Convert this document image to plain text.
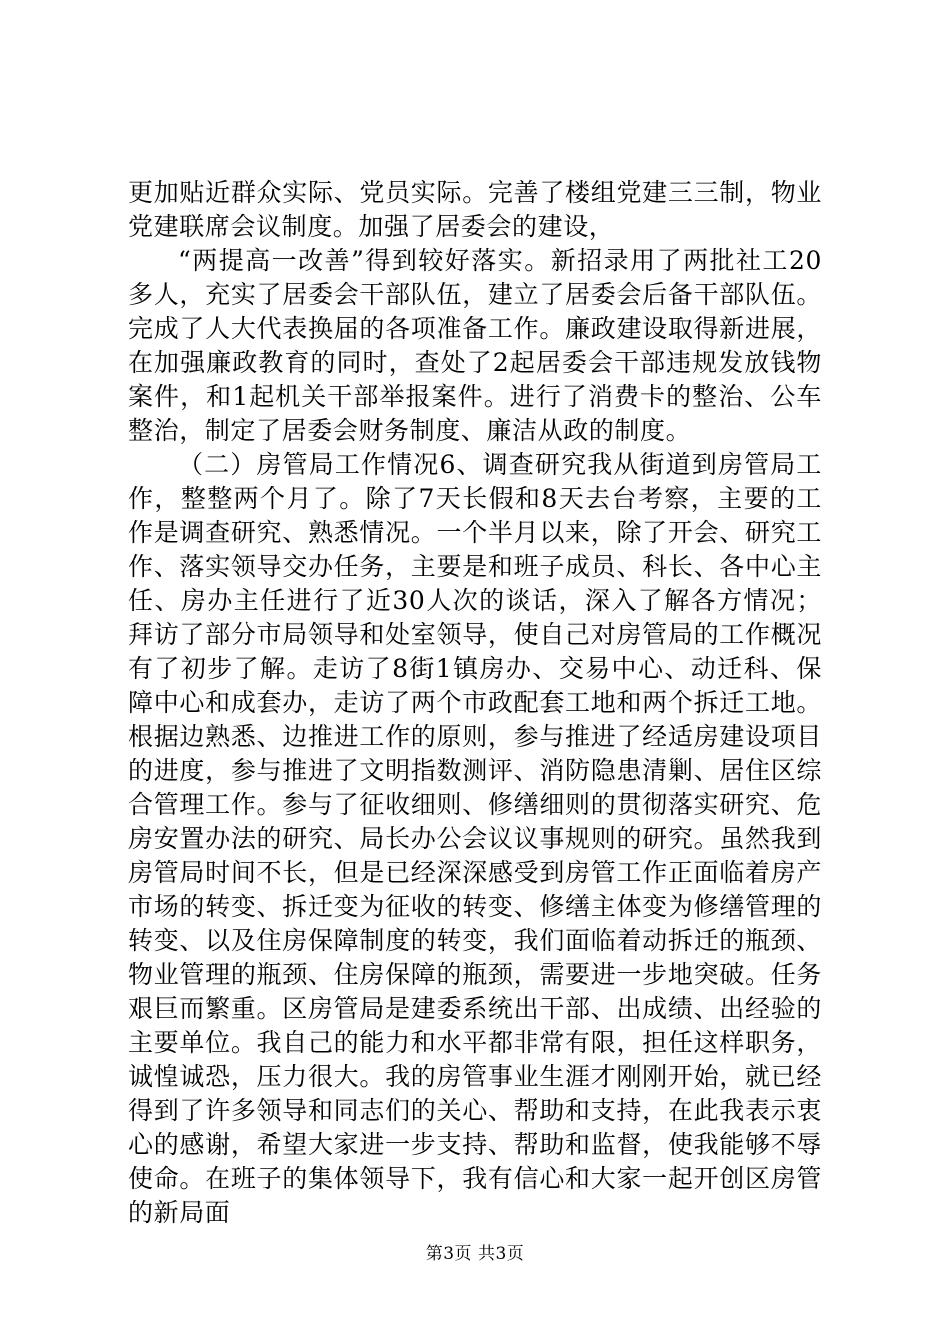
更加贴近群众实际、党员实际。完善了楼组党建三三制，物业党建联席会议制度。加强了居委会的建设，

“两提高一改善”得到较好落实。新招录用了两批社工20多人，充实了居委会干部队伍，建立了居委会后备干部队伍。完成了人大代表换届的各项准备工作。廉政建设取得新进展，在加强廉政教育的同时，查处了2起居委会干部违规发放钱物案件，和1起机关干部举报案件。进行了消费卡的整治、公车整治，制定了居委会财务制度、廉洁从政的制度。

（二）房管局工作情况6、调查研究我从街道到房管局工作，整整两个月了。除了7天长假和8天去台考察，主要的工作是调查研究、熟悉情况。一个半月以来，除了开会、研究工作、落实领导交办任务，主要是和班子成员、科长、各中心主任、房办主任进行了近30人次的谈话，深入了解各方情况；拜访了部分市局领导和处室领导，使自己对房管局的工作概况有了初步了解。走访了8街1镇房办、交易中心、动迁科、保障中心和成套办，走访了两个市政配套工地和两个拆迁工地。根据边熟悉、边推进工作的原则，参与推进了经适房建设项目的进度，参与推进了文明指数测评、消防隐患清剿、居住区综合管理工作。参与了征收细则、修缮细则的贯彻落实研究、危房安置办法的研究、局长办公会议议事规则的研究。虽然我到房管局时间不长，但是已经深深感受到房管工作正面临着房产市场的转变、拆迁变为征收的转变、修缮主体变为修缮管理的转变、以及住房保障制度的转变，我们面临着动拆迁的瓶颈、物业管理的瓶颈、住房保障的瓶颈，需要进一步地突破。任务艰巨而繁重。区房管局是建委系统出干部、出成绩、出经验的主要单位。我自己的能力和水平都非常有限，担任这样职务，诚惶诚恐，压力很大。我的房管事业生涯才刚刚开始，就已经得到了许多领导和同志们的关心、帮助和支持，在此我表示衷心的感谢，希望大家进一步支持、帮助和监督，使我能够不辱使命。在班子的集体领导下，我有信心和大家一起开创区房管的新局面

第3页 共3页
